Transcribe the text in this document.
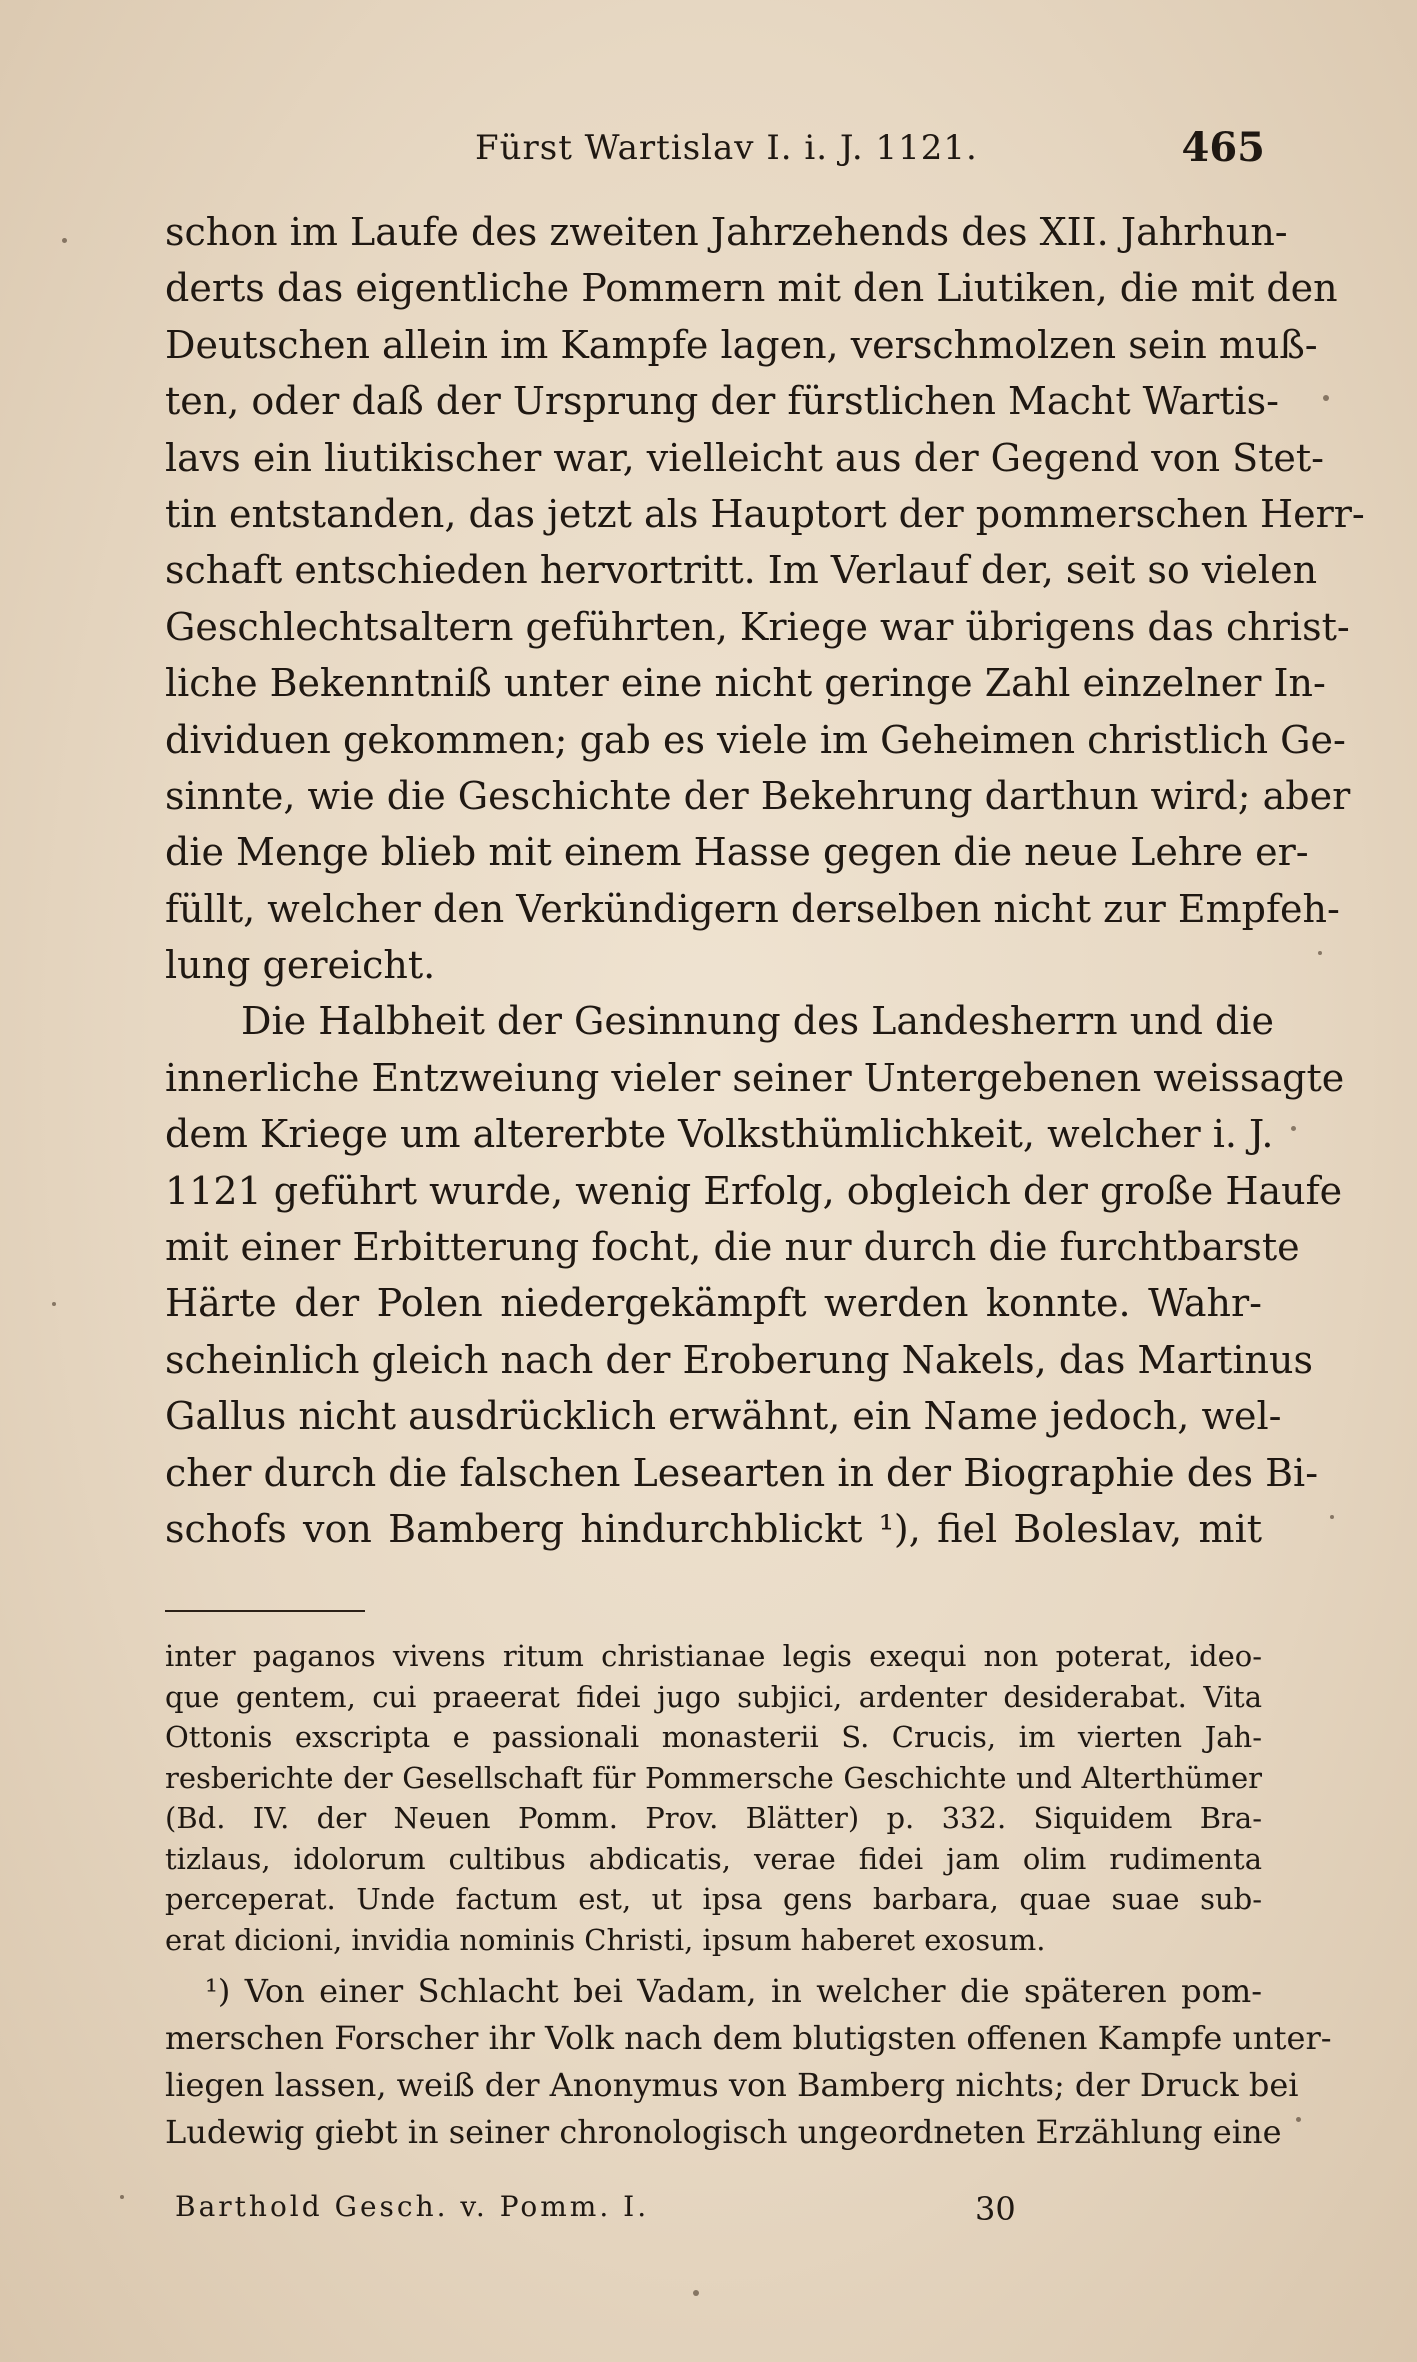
Fürst Wartislav I. i. J. 1121.	465
schon im Laufe des zweiten Jahrzehends des XII. Jahrhun-
derts das eigentliche Pommern mit den Liutiken, die mit den
Deutschen allein im Kampfe lagen, verschmolzen sein muß-
ten, oder daß der Ursprung der fürstlichen Macht Wartis-
lavs ein liutikischer war, vielleicht aus der Gegend von Stet-
tin entstanden, das jetzt als Hauptort der pommerschen Herr-
schaft entschieden hervortritt. Im Verlauf der, seit so vielen
Geschlechtsaltern geführten, Kriege war übrigens das christ-
liche Bekenntniß unter eine nicht geringe Zahl einzelner In-
dividuen gekommen; gab es viele im Geheimen christlich Ge-
sinnte, wie die Geschichte der Bekehrung darthun wird; aber
die Menge blieb mit einem Hasse gegen die neue Lehre er-
füllt, welcher den Verkündigern derselben nicht zur Empfeh-
lung gereicht.
Die Halbheit der Gesinnung des Landesherrn und die
innerliche Entzweiung vieler seiner Untergebenen weissagte
dem Kriege um altererbte Volksthümlichkeit, welcher i. J.
1121 geführt wurde, wenig Erfolg, obgleich der große Haufe
mit einer Erbitterung focht, die nur durch die furchtbarste
Härte der Polen niedergekämpft werden konnte. Wahr-
scheinlich gleich nach der Eroberung Nakels, das Martinus
Gallus nicht ausdrücklich erwähnt, ein Name jedoch, wel-
cher durch die falschen Lesearten in der Biographie des Bi-
schofs von Bamberg hindurchblickt ¹), fiel Boleslav, mit
inter paganos vivens ritum christianae legis exequi non poterat, ideo-
que gentem, cui praeerat fidei jugo subjici, ardenter desiderabat. Vita
Ottonis exscripta e passionali monasterii S. Crucis, im vierten Jah-
resberichte der Gesellschaft für Pommersche Geschichte und Alterthümer
(Bd. IV. der Neuen Pomm. Prov. Blätter) p. 332. Siquidem Bra-
tizlaus, idolorum cultibus abdicatis, verae fidei jam olim rudimenta
perceperat. Unde factum est, ut ipsa gens barbara, quae suae sub-
erat dicioni, invidia nominis Christi, ipsum haberet exosum.
¹) Von einer Schlacht bei Vadam, in welcher die späteren pom-
merschen Forscher ihr Volk nach dem blutigsten offenen Kampfe unter-
liegen lassen, weiß der Anonymus von Bamberg nichts; der Druck bei
Ludewig giebt in seiner chronologisch ungeordneten Erzählung eine
Barthold Gesch. v. Pomm. I.	30
